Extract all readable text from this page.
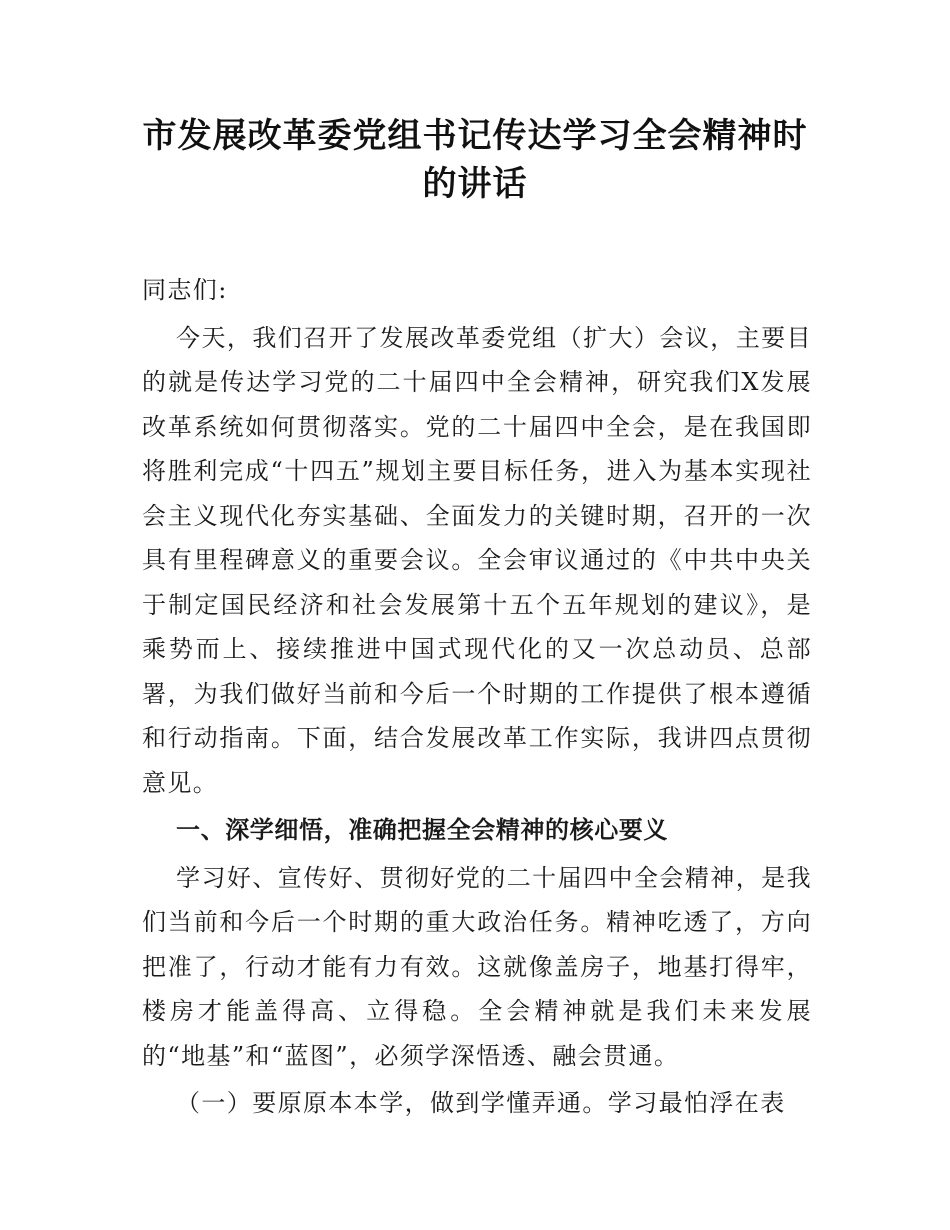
市发展改革委党组书记传达学习全会精神时
的讲话

同志们:

今天，我们召开了发展改革委党组（扩大）会议，主要目的就是传达学习党的二十届四中全会精神，研究我们X发展改革系统如何贯彻落实。党的二十届四中全会，是在我国即将胜利完成“十四五”规划主要目标任务，进入为基本实现社会主义现代化夯实基础、全面发力的关键时期，召开的一次具有里程碑意义的重要会议。全会审议通过的《中共中央关于制定国民经济和社会发展第十五个五年规划的建议》，是乘势而上、接续推进中国式现代化的又一次总动员、总部署，为我们做好当前和今后一个时期的工作提供了根本遵循和行动指南。下面，结合发展改革工作实际，我讲四点贯彻意见。

一、深学细悟，准确把握全会精神的核心要义

学习好、宣传好、贯彻好党的二十届四中全会精神，是我们当前和今后一个时期的重大政治任务。精神吃透了，方向把准了，行动才能有力有效。这就像盖房子，地基打得牢，楼房才能盖得高、立得稳。全会精神就是我们未来发展的“地基”和“蓝图”，必须学深悟透、融会贯通。

（一）要原原本本学，做到学懂弄通。学习最怕浮在表
